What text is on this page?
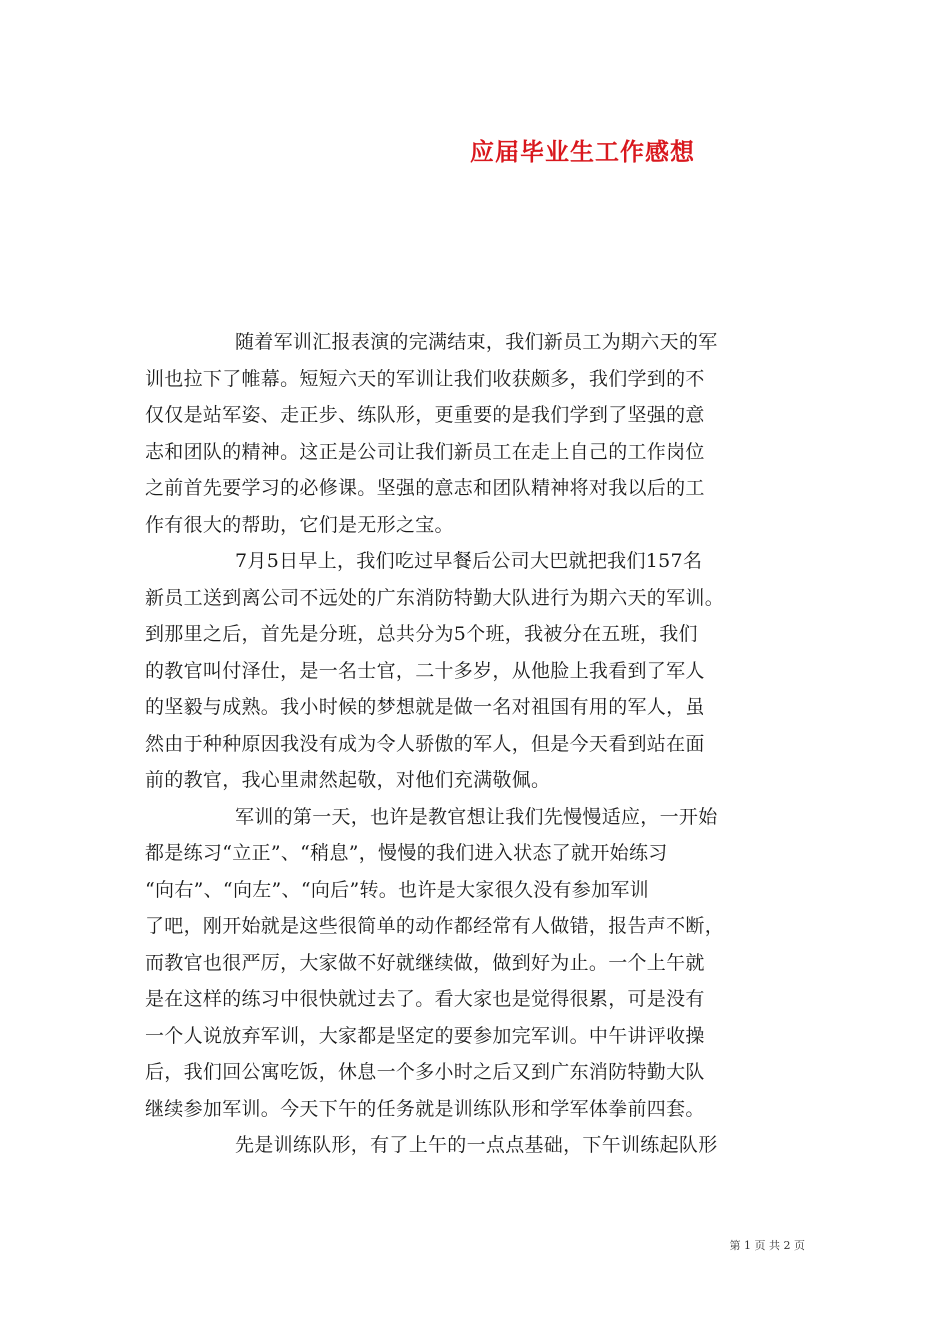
应届毕业生工作感想
随着军训汇报表演的完满结束，我们新员工为期六天的军
训也拉下了帷幕。短短六天的军训让我们收获颇多，我们学到的不
仅仅是站军姿、走正步、练队形，更重要的是我们学到了坚强的意
志和团队的精神。这正是公司让我们新员工在走上自己的工作岗位
之前首先要学习的必修课。坚强的意志和团队精神将对我以后的工
作有很大的帮助，它们是无形之宝。
7月5日早上，我们吃过早餐后公司大巴就把我们157名
新员工送到离公司不远处的广东消防特勤大队进行为期六天的军训。
到那里之后，首先是分班，总共分为5个班，我被分在五班，我们
的教官叫付泽仕，是一名士官，二十多岁，从他脸上我看到了军人
的坚毅与成熟。我小时候的梦想就是做一名对祖国有用的军人，虽
然由于种种原因我没有成为令人骄傲的军人，但是今天看到站在面
前的教官，我心里肃然起敬，对他们充满敬佩。
军训的第一天，也许是教官想让我们先慢慢适应，一开始
都是练习“立正”、“稍息”，慢慢的我们进入状态了就开始练习
“向右”、“向左”、“向后”转。也许是大家很久没有参加军训
了吧，刚开始就是这些很简单的动作都经常有人做错，报告声不断，
而教官也很严厉，大家做不好就继续做，做到好为止。一个上午就
是在这样的练习中很快就过去了。看大家也是觉得很累，可是没有
一个人说放弃军训，大家都是坚定的要参加完军训。中午讲评收操
后，我们回公寓吃饭，休息一个多小时之后又到广东消防特勤大队
继续参加军训。今天下午的任务就是训练队形和学军体拳前四套。
先是训练队形，有了上午的一点点基础，下午训练起队形
第 1 页 共 2 页
